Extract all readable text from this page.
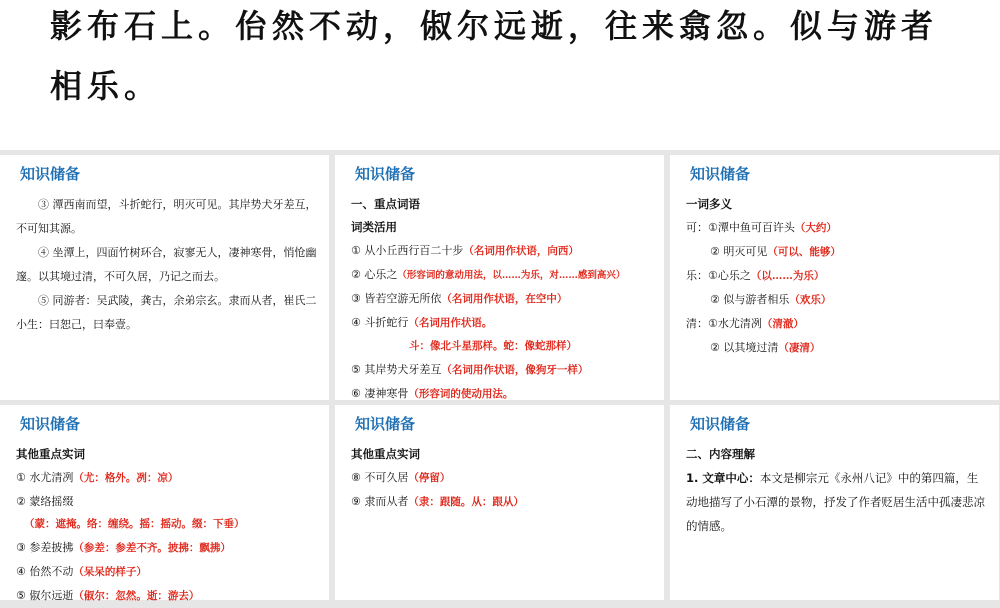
影布石上。佁然不动，俶尔远逝，往来翕忽。似与游者相乐。

知识储备

③ 潭西南而望，斗折蛇行，明灭可见。其岸势犬牙差互，不可知其源。

④ 坐潭上，四面竹树环合，寂寥无人，凄神寒骨，悄怆幽邃。以其境过清，不可久居，乃记之而去。

⑤ 同游者：吴武陵，龚古，余弟宗玄。隶而从者，崔氏二小生：曰恕己，曰奉壹。

知识储备

一、重点词语

词类活用

① 从小丘西行百二十步（名词用作状语，向西）

② 心乐之（形容词的意动用法，以……为乐，对……感到高兴）

③ 皆若空游无所依（名词用作状语，在空中）

④ 斗折蛇行（名词用作状语。

斗：像北斗星那样。蛇：像蛇那样）

⑤ 其岸势犬牙差互（名词用作状语，像狗牙一样）

⑥ 凄神寒骨（形容词的使动用法。

知识储备

一词多义

可：①潭中鱼可百许头（大约）

② 明灭可见（可以、能够）

乐：①心乐之（以……为乐）

② 似与游者相乐（欢乐）

清：①水尤清冽（清澈）

② 以其境过清（凄清）

知识储备

其他重点实词

① 水尤清冽（尤：格外。冽：凉）

② 蒙络摇缀

（蒙：遮掩。络：缠绕。摇：摇动。缀：下垂）

③ 参差披拂（参差：参差不齐。披拂：飘拂）

④ 佁然不动（呆呆的样子）

⑤ 俶尔远逝（俶尔：忽然。逝：游去）

知识储备

其他重点实词

⑧ 不可久居（停留）

⑨ 隶而从者（隶：跟随。从：跟从）

知识储备

二、内容理解

1. 文章中心：本文是柳宗元《永州八记》中的第四篇，生动地描写了小石潭的景物，抒发了作者贬居生活中孤凄悲凉的情感。
